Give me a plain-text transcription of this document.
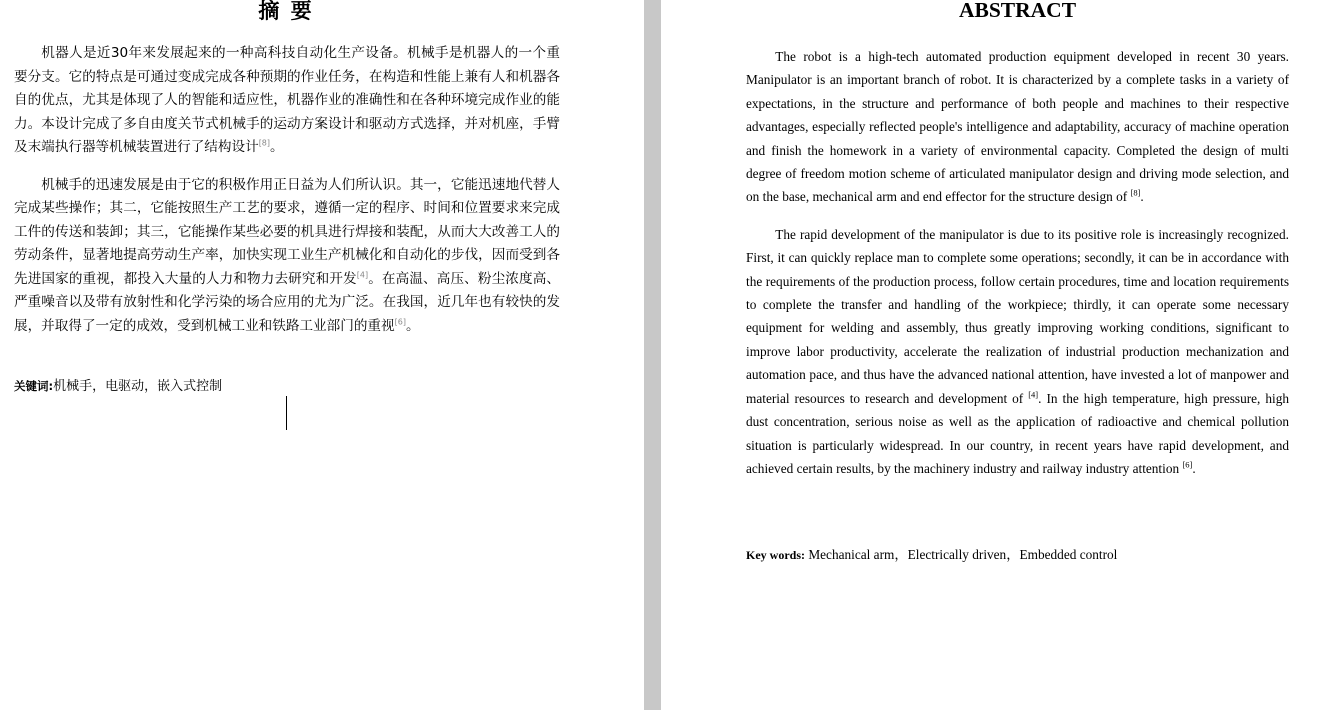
摘 要

机器人是近30年来发展起来的一种高科技自动化生产设备。机械手是机器人的一个重要分支。它的特点是可通过变成完成各种预期的作业任务，在构造和性能上兼有人和机器各自的优点，尤其是体现了人的智能和适应性，机器作业的准确性和在各种环境完成作业的能力。本设计完成了多自由度关节式机械手的运动方案设计和驱动方式选择，并对机座，手臂及末端执行器等机械装置进行了结构设计[8]。

机械手的迅速发展是由于它的积极作用正日益为人们所认识。其一，它能迅速地代替人完成某些操作；其二，它能按照生产工艺的要求，遵循一定的程序、时间和位置要求来完成工件的传送和装卸；其三，它能操作某些必要的机具进行焊接和装配，从而大大改善工人的劳动条件，显著地提高劳动生产率，加快实现工业生产机械化和自动化的步伐，因而受到各先进国家的重视，都投入大量的人力和物力去研究和开发[4]。在高温、高压、粉尘浓度高、严重噪音以及带有放射性和化学污染的场合应用的尤为广泛。在我国，近几年也有较快的发展，并取得了一定的成效，受到机械工业和铁路工业部门的重视[6]。

关键词:机械手，电驱动，嵌入式控制
ABSTRACT

The robot is a high-tech automated production equipment developed in recent 30 years. Manipulator is an important branch of robot. It is characterized by a complete tasks in a variety of expectations, in the structure and performance of both people and machines to their respective advantages, especially reflected people's intelligence and adaptability, accuracy of machine operation and finish the homework in a variety of environmental capacity. Completed the design of multi degree of freedom motion scheme of articulated manipulator design and driving mode selection, and on the base, mechanical arm and end effector for the structure design of [8].

The rapid development of the manipulator is due to its positive role is increasingly recognized. First, it can quickly replace man to complete some operations; secondly, it can be in accordance with the requirements of the production process, follow certain procedures, time and location requirements to complete the transfer and handling of the workpiece; thirdly, it can operate some necessary equipment for welding and assembly, thus greatly improving working conditions, significant to improve labor productivity, accelerate the realization of industrial production mechanization and automation pace, and thus have the advanced national attention, have invested a lot of manpower and material resources to research and development of [4]. In the high temperature, high pressure, high dust concentration, serious noise as well as the application of radioactive and chemical pollution situation is particularly widespread. In our country, in recent years have rapid development, and achieved certain results, by the machinery industry and railway industry attention [6].

Key words: Mechanical arm，Electrically driven，Embedded control
